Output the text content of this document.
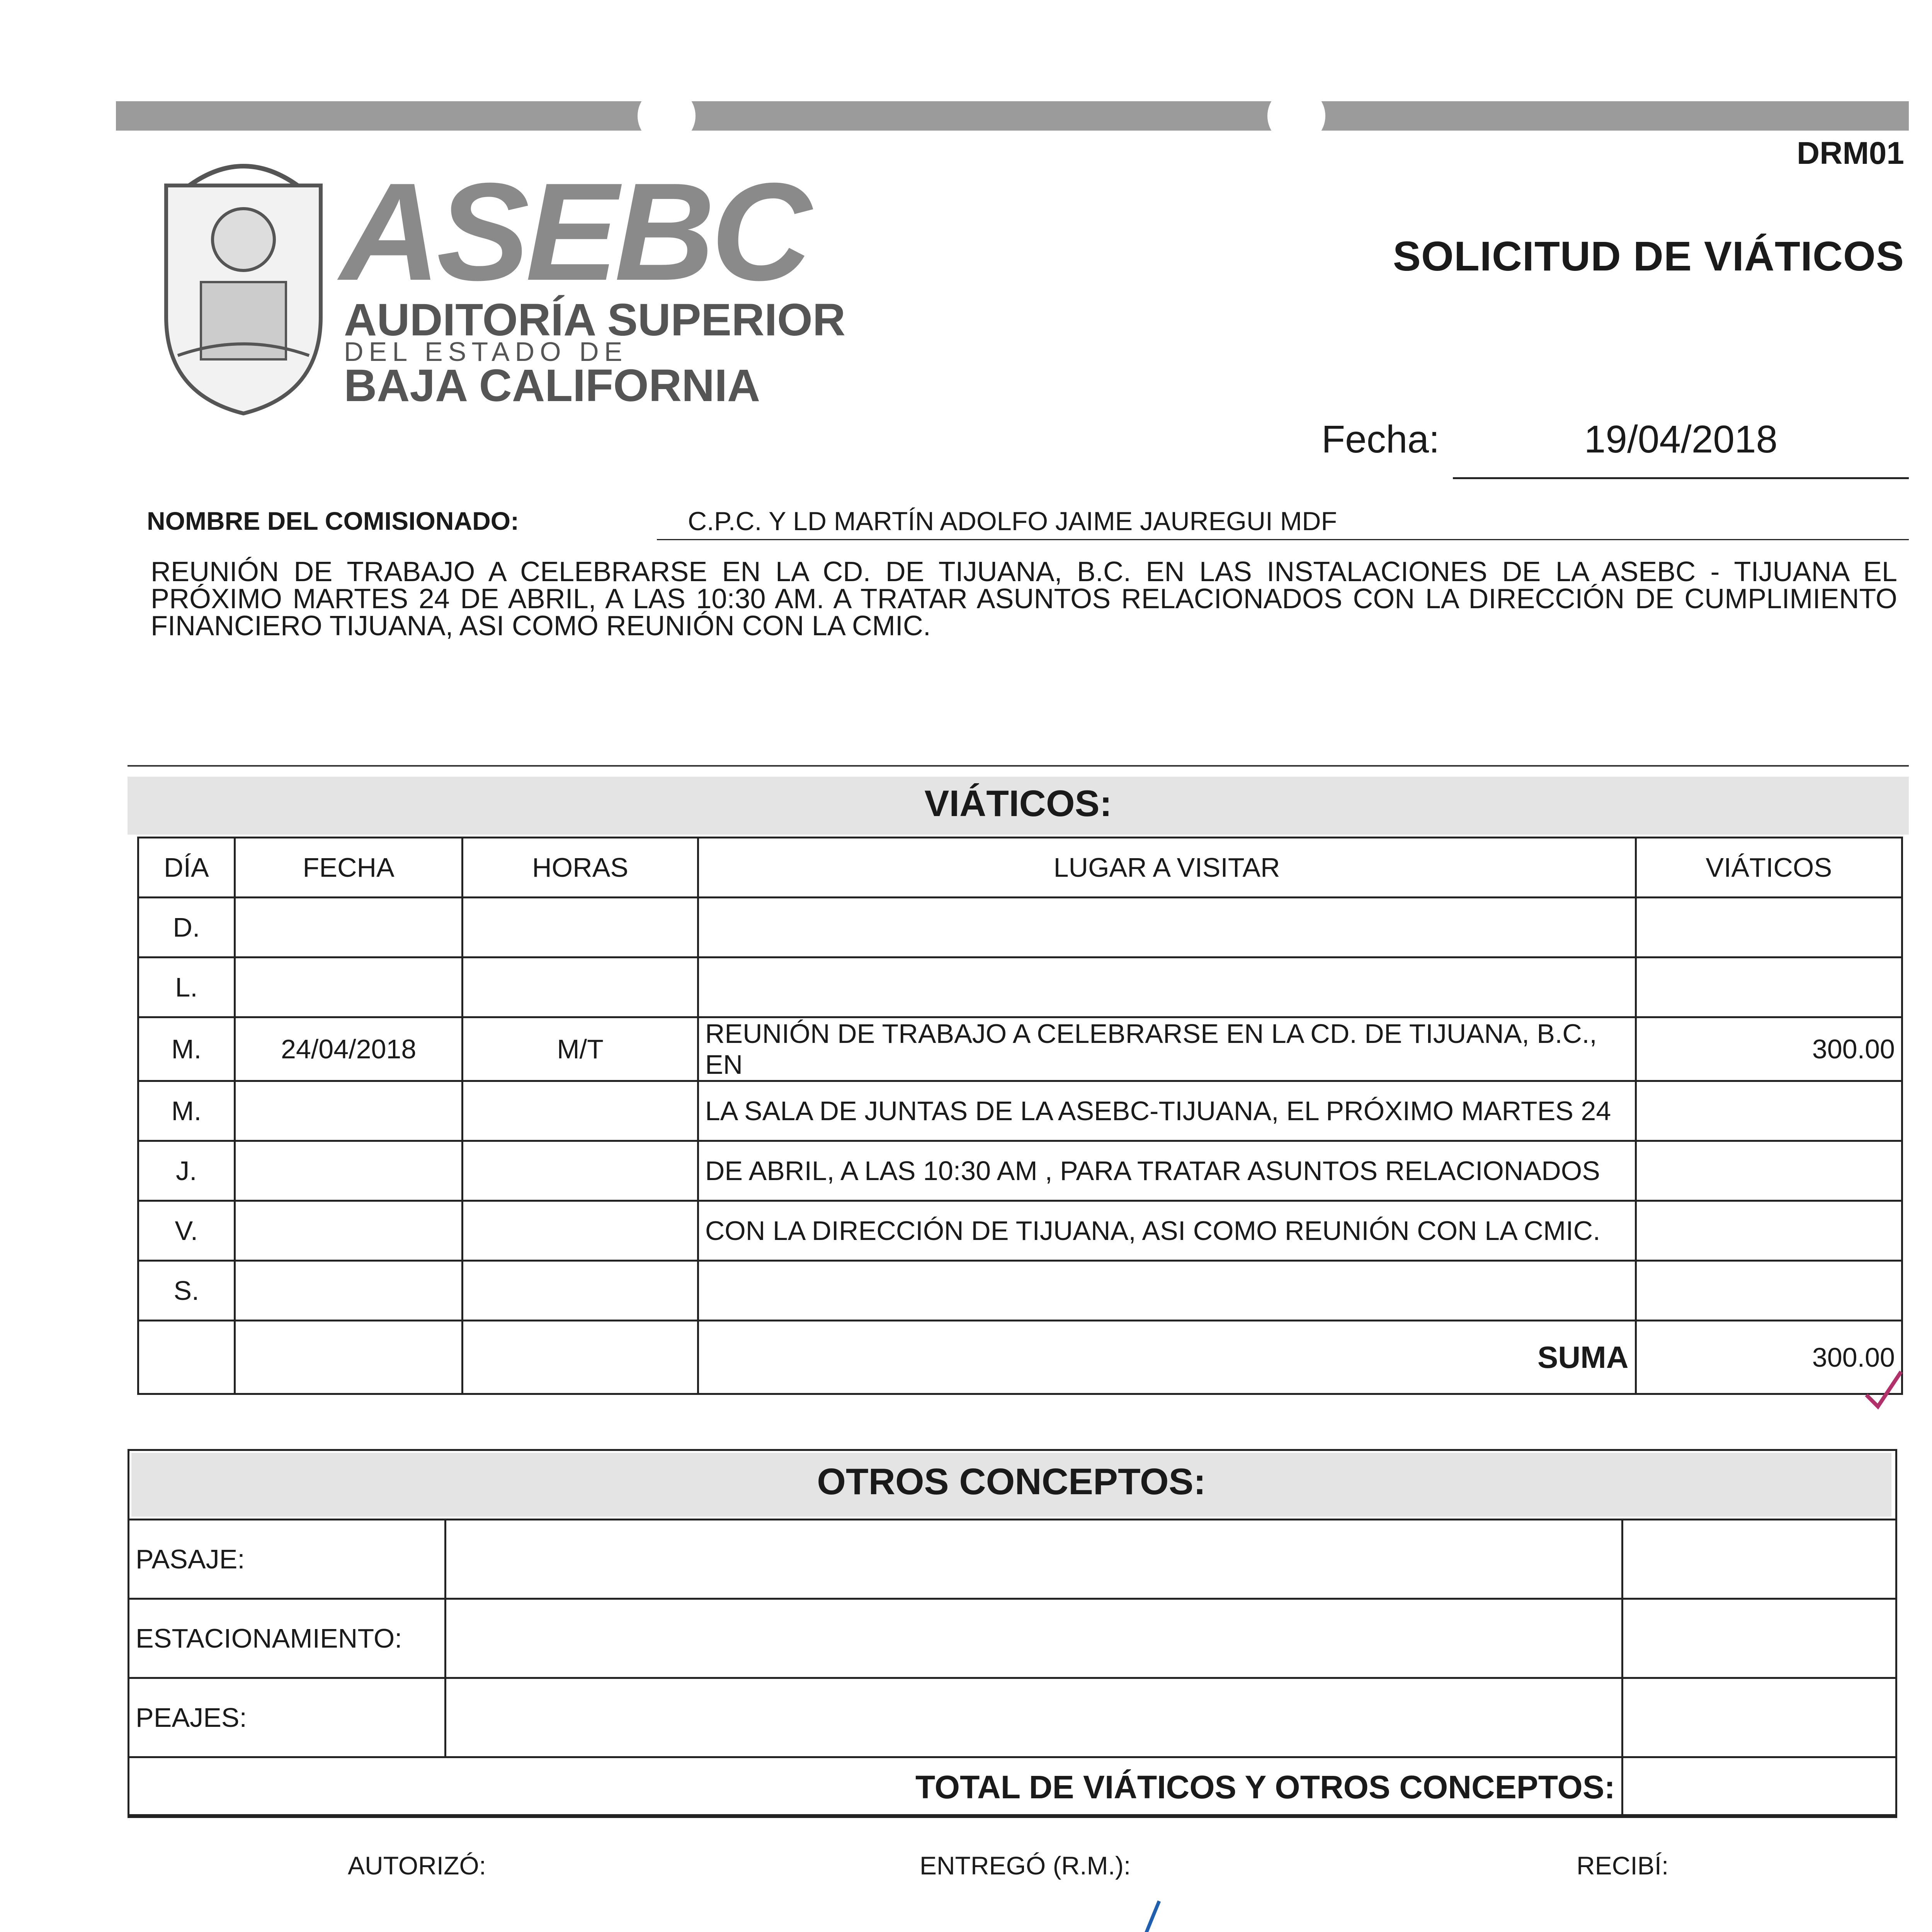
DRM01
SOLICITUD DE VIÁTICOS
ASEBC
AUDITORÍA SUPERIOR
DEL ESTADO DE
BAJA CALIFORNIA
Fecha:	19/04/2018
NOMBRE DEL COMISIONADO:	C.P.C. Y LD MARTÍN ADOLFO JAIME JAUREGUI MDF
REUNIÓN DE TRABAJO A CELEBRARSE EN LA CD. DE TIJUANA, B.C. EN LAS INSTALACIONES DE LA ASEBC - TIJUANA EL PRÓXIMO MARTES 24 DE ABRIL, A LAS 10:30 AM. A TRATAR ASUNTOS RELACIONADOS CON LA DIRECCIÓN DE CUMPLIMIENTO FINANCIERO TIJUANA, ASI COMO REUNIÓN CON LA CMIC.
VIÁTICOS:
DÍA	FECHA	HORAS	LUGAR A VISITAR	VIÁTICOS
D.				
L.				
M.	24/04/2018	M/T	REUNIÓN DE TRABAJO A CELEBRARSE EN LA CD. DE TIJUANA, B.C., EN	300.00
M.			LA SALA DE JUNTAS DE LA ASEBC-TIJUANA, EL PRÓXIMO MARTES 24	
J.			DE ABRIL, A LAS 10:30 AM , PARA TRATAR ASUNTOS RELACIONADOS	
V.			CON LA DIRECCIÓN DE TIJUANA, ASI COMO REUNIÓN CON LA CMIC.	
S.				
			SUMA	300.00
OTROS CONCEPTOS:
PASAJE:		
ESTACIONAMIENTO:		
PEAJES:		
TOTAL DE VIÁTICOS Y OTROS CONCEPTOS:		
AUTORIZÓ:	ENTREGÓ (R.M.):	RECIBÍ:
